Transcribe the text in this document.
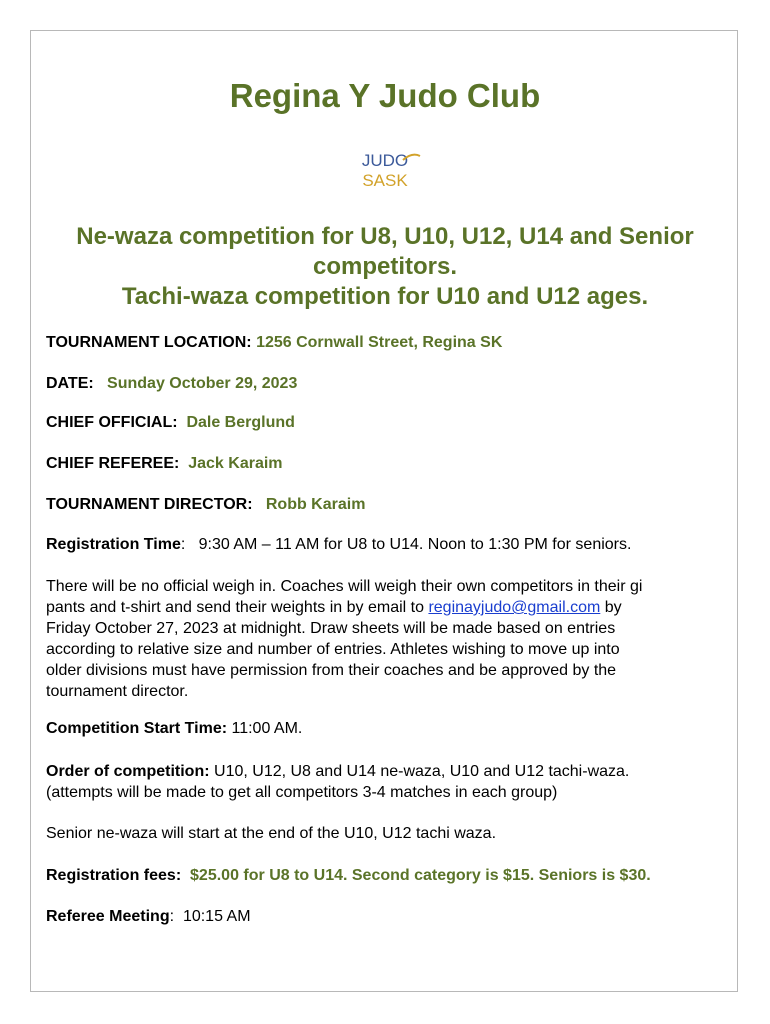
Regina Y Judo Club
JUDO
SASK
Ne-waza competition for U8, U10, U12, U14 and Senior
competitors.
Tachi-waza competition for U10 and U12 ages.
TOURNAMENT LOCATION: 1256 Cornwall Street, Regina SK
DATE: Sunday October 29, 2023
CHIEF OFFICIAL: Dale Berglund
CHIEF REFEREE: Jack Karaim
TOURNAMENT DIRECTOR: Robb Karaim
Registration Time:   9:30 AM – 11 AM for U8 to U14. Noon to 1:30 PM for seniors.
There will be no official weigh in. Coaches will weigh their own competitors in their gi
pants and t-shirt and send their weights in by email to reginayjudo@gmail.com by
Friday October 27, 2023 at midnight. Draw sheets will be made based on entries
according to relative size and number of entries. Athletes wishing to move up into
older divisions must have permission from their coaches and be approved by the
tournament director.
Competition Start Time: 11:00 AM.
Order of competition: U10, U12, U8 and U14 ne-waza, U10 and U12 tachi-waza.
(attempts will be made to get all competitors 3-4 matches in each group)
Senior ne-waza will start at the end of the U10, U12 tachi waza.
Registration fees: $25.00 for U8 to U14. Second category is $15. Seniors is $30.
Referee Meeting:  10:15 AM
